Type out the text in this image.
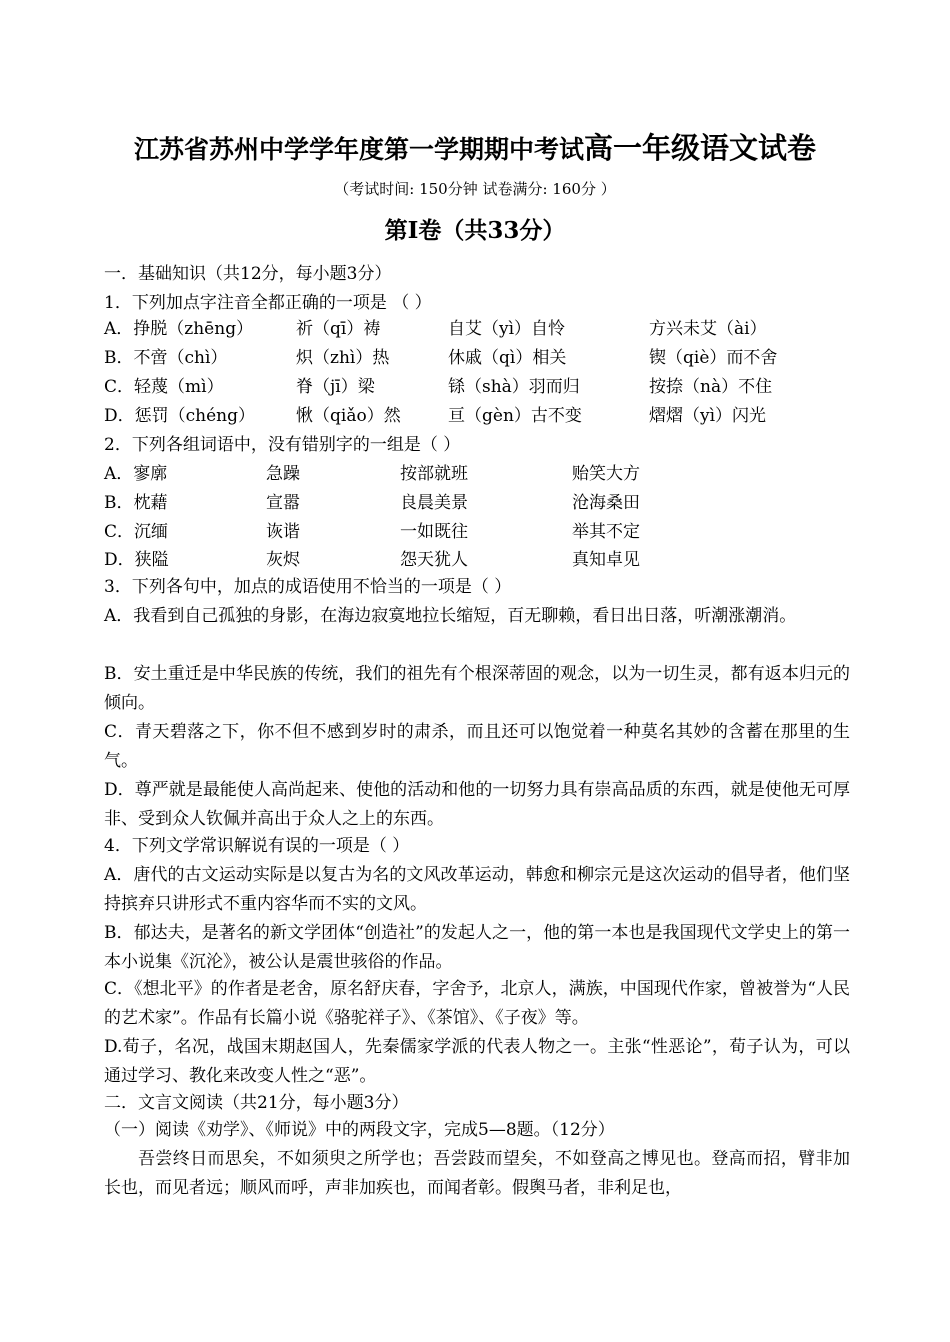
江苏省苏州中学学年度第一学期期中考试高一年级语文试卷
（考试时间: 150分钟 试卷满分: 160分 ）
第Ⅰ卷（共33分）
一．基础知识（共12分，每小题3分）
1．下列加点字注音全都正确的一项是 （ ）
A．挣脱（zhēng）	祈（qī）祷	自艾（yì）自怜	方兴未艾（ài）
B．不啻（chì）	炽（zhì）热	休戚（qì）相关	锲（qiè）而不舍
C．轻蔑（mì）	脊（jī）梁	铩（shà）羽而归	按捺（nà）不住
D．惩罚（chéng） 愀（qiǎo）然	亘（gèn）古不变	熠熠（yì）闪光
2．下列各组词语中，没有错别字的一组是（ ）
A．寥廓	急躁	按部就班	贻笑大方
B．枕藉	宣嚣	良晨美景	沧海桑田
C．沉缅	诙谐	一如既往	举其不定
D．狭隘	灰烬	怨天犹人	真知卓见
3．下列各句中，加点的成语使用不恰当的一项是（ ）
A．我看到自己孤独的身影，在海边寂寞地拉长缩短，百无聊赖，看日出日落，听潮涨潮消。
B．安土重迁是中华民族的传统，我们的祖先有个根深蒂固的观念，以为一切生灵，都有返本归元的倾向。
C．青天碧落之下，你不但不感到岁时的肃杀，而且还可以饱觉着一种莫名其妙的含蓄在那里的生气。
D．尊严就是最能使人高尚起来、使他的活动和他的一切努力具有崇高品质的东西，就是使他无可厚非、受到众人钦佩并高出于众人之上的东西。
4．下列文学常识解说有误的一项是（ ）
A．唐代的古文运动实际是以复古为名的文风改革运动，韩愈和柳宗元是这次运动的倡导者，他们坚持摈弃只讲形式不重内容华而不实的文风。
B．郁达夫，是著名的新文学团体“创造社”的发起人之一，他的第一本也是我国现代文学史上的第一本小说集《沉沦》，被公认是震世骇俗的作品。
C．《想北平》的作者是老舍，原名舒庆春，字舍予，北京人，满族，中国现代作家，曾被誉为“人民的艺术家”。作品有长篇小说《骆驼祥子》、《茶馆》、《子夜》等。
D.荀子，名况，战国末期赵国人，先秦儒家学派的代表人物之一。主张“性恶论”，荀子认为，可以通过学习、教化来改变人性之“恶”。
二．文言文阅读（共21分，每小题3分）
（一）阅读《劝学》、《师说》中的两段文字，完成5—8题。（12分）
吾尝终日而思矣，不如须臾之所学也；吾尝跂而望矣，不如登高之博见也。登高而招，臂非加长也，而见者远；顺风而呼，声非加疾也，而闻者彰。假舆马者，非利足也，
